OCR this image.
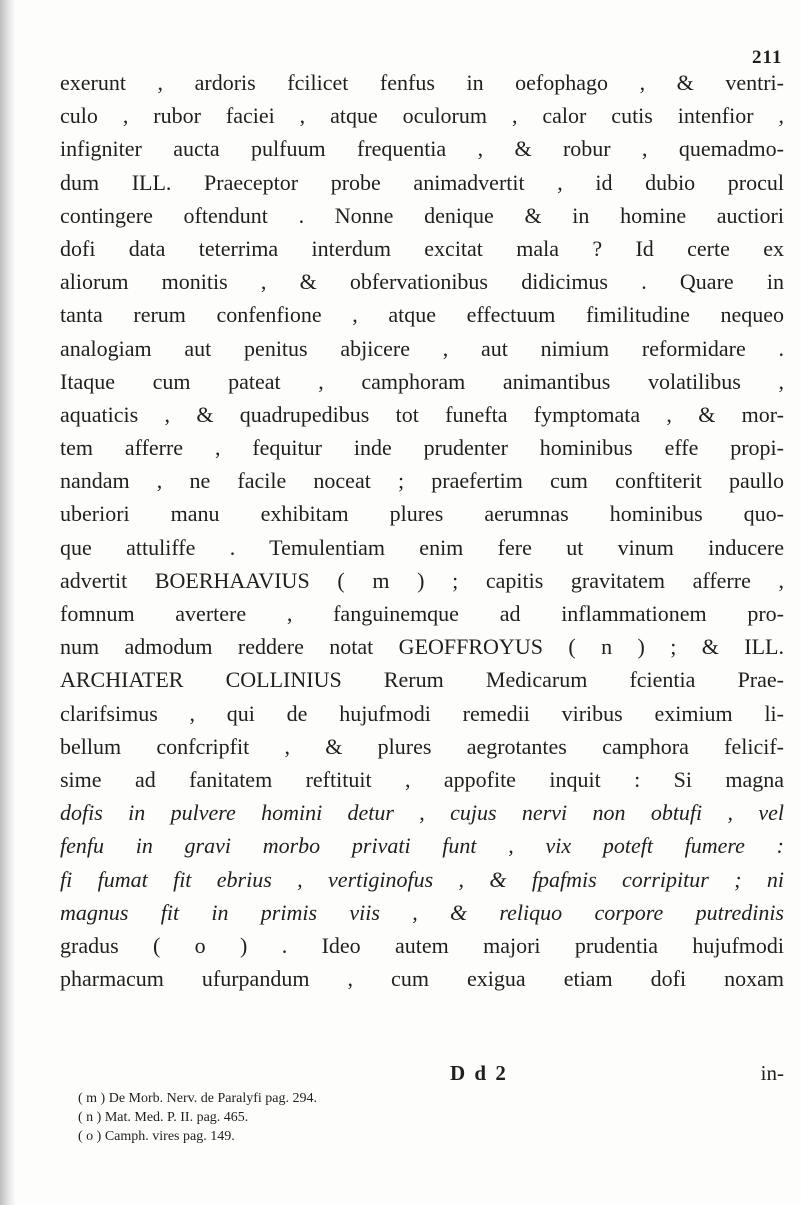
211
exerunt , ardoris fcilicet fenfus in oefophago , & ventri-
culo , rubor faciei , atque oculorum , calor cutis intenfior ,
infigniter aucta pulfuum frequentia , & robur , quemadmo-
dum ILL. Praeceptor probe animadvertit , id dubio procul
contingere oftendunt . Nonne denique & in homine auctiori
dofi data teterrima interdum excitat mala ? Id certe ex
aliorum monitis , & obfervationibus didicimus . Quare in
tanta rerum confenfione , atque effectuum fimilitudine nequeo
analogiam aut penitus abjicere , aut nimium reformidare .
Itaque cum pateat , camphoram animantibus volatilibus ,
aquaticis , & quadrupedibus tot funefta fymptomata , & mor-
tem afferre , fequitur inde prudenter hominibus effe propi-
nandam , ne facile noceat ; praefertim cum conftiterit paullo
uberiori manu exhibitam plures aerumnas hominibus quo-
que attuliffe . Temulentiam enim fere ut vinum inducere
advertit BOERHAAVIUS ( m ) ; capitis gravitatem afferre ,
fomnum avertere , fanguinemque ad inflammationem pro-
num admodum reddere notat GEOFFROYUS ( n ) ; & ILL.
ARCHIATER COLLINIUS Rerum Medicarum fcientia Prae-
clarifsimus , qui de hujufmodi remedii viribus eximium li-
bellum confcripfit , & plures aegrotantes camphora felicif-
sime ad fanitatem reftituit , appofite inquit : Si magna
dofis in pulvere homini detur , cujus nervi non obtufi , vel
fenfu in gravi morbo privati funt , vix poteft fumere :
fi fumat fit ebrius , vertiginofus , & fpafmis corripitur ; ni
magnus fit in primis viis , & reliquo corpore putredinis
gradus ( o ) . Ideo autem majori prudentia hujufmodi
pharmacum ufurpandum , cum exigua etiam dofi noxam
D d 2	in-
( m ) De Morb. Nerv. de Paralyfi pag. 294.
( n ) Mat. Med. P. II. pag. 465.
( o ) Camph. vires pag. 149.
